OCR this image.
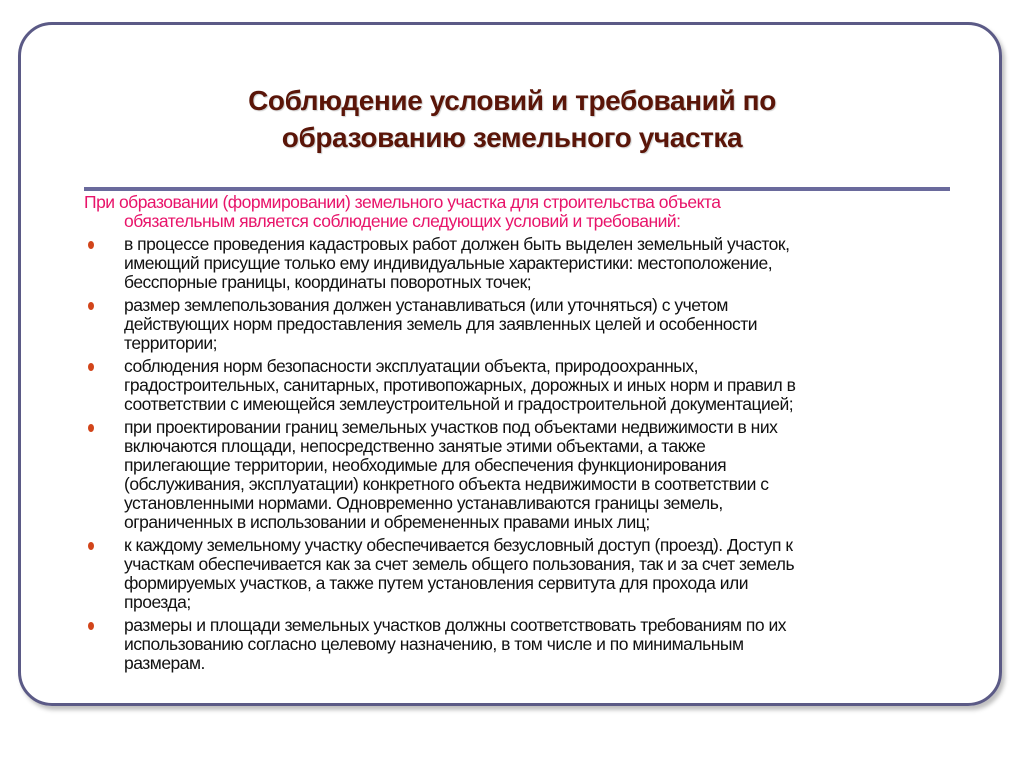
Соблюдение условий и требований по
образованию земельного участка
При образовании (формировании) земельного участка для строительства объекта
обязательным является соблюдение следующих условий и требований:
в процессе проведения кадастровых работ должен быть выделен земельный участок,
имеющий присущие только ему индивидуальные характеристики: местоположение,
бесспорные границы, координаты поворотных точек;
размер землепользования должен устанавливаться (или уточняться) с учетом
действующих норм предоставления земель для заявленных целей и особенности
территории;
соблюдения норм безопасности эксплуатации объекта, природоохранных,
градостроительных, санитарных, противопожарных, дорожных и иных норм и правил в
соответствии с имеющейся землеустроительной и градостроительной документацией;
при проектировании границ земельных участков под объектами недвижимости в них
включаются площади, непосредственно занятые этими объектами, а также
прилегающие территории, необходимые для обеспечения функционирования
(обслуживания, эксплуатации) конкретного объекта недвижимости в соответствии с
установленными нормами. Одновременно устанавливаются границы земель,
ограниченных в использовании и обремененных правами иных лиц;
к каждому земельному участку обеспечивается безусловный доступ (проезд). Доступ к
участкам обеспечивается как за счет земель общего пользования, так и за счет земель
формируемых участков, а также путем установления сервитута для прохода или
проезда;
размеры и площади земельных участков должны соответствовать требованиям по их
использованию согласно целевому назначению, в том числе и по минимальным
размерам.
